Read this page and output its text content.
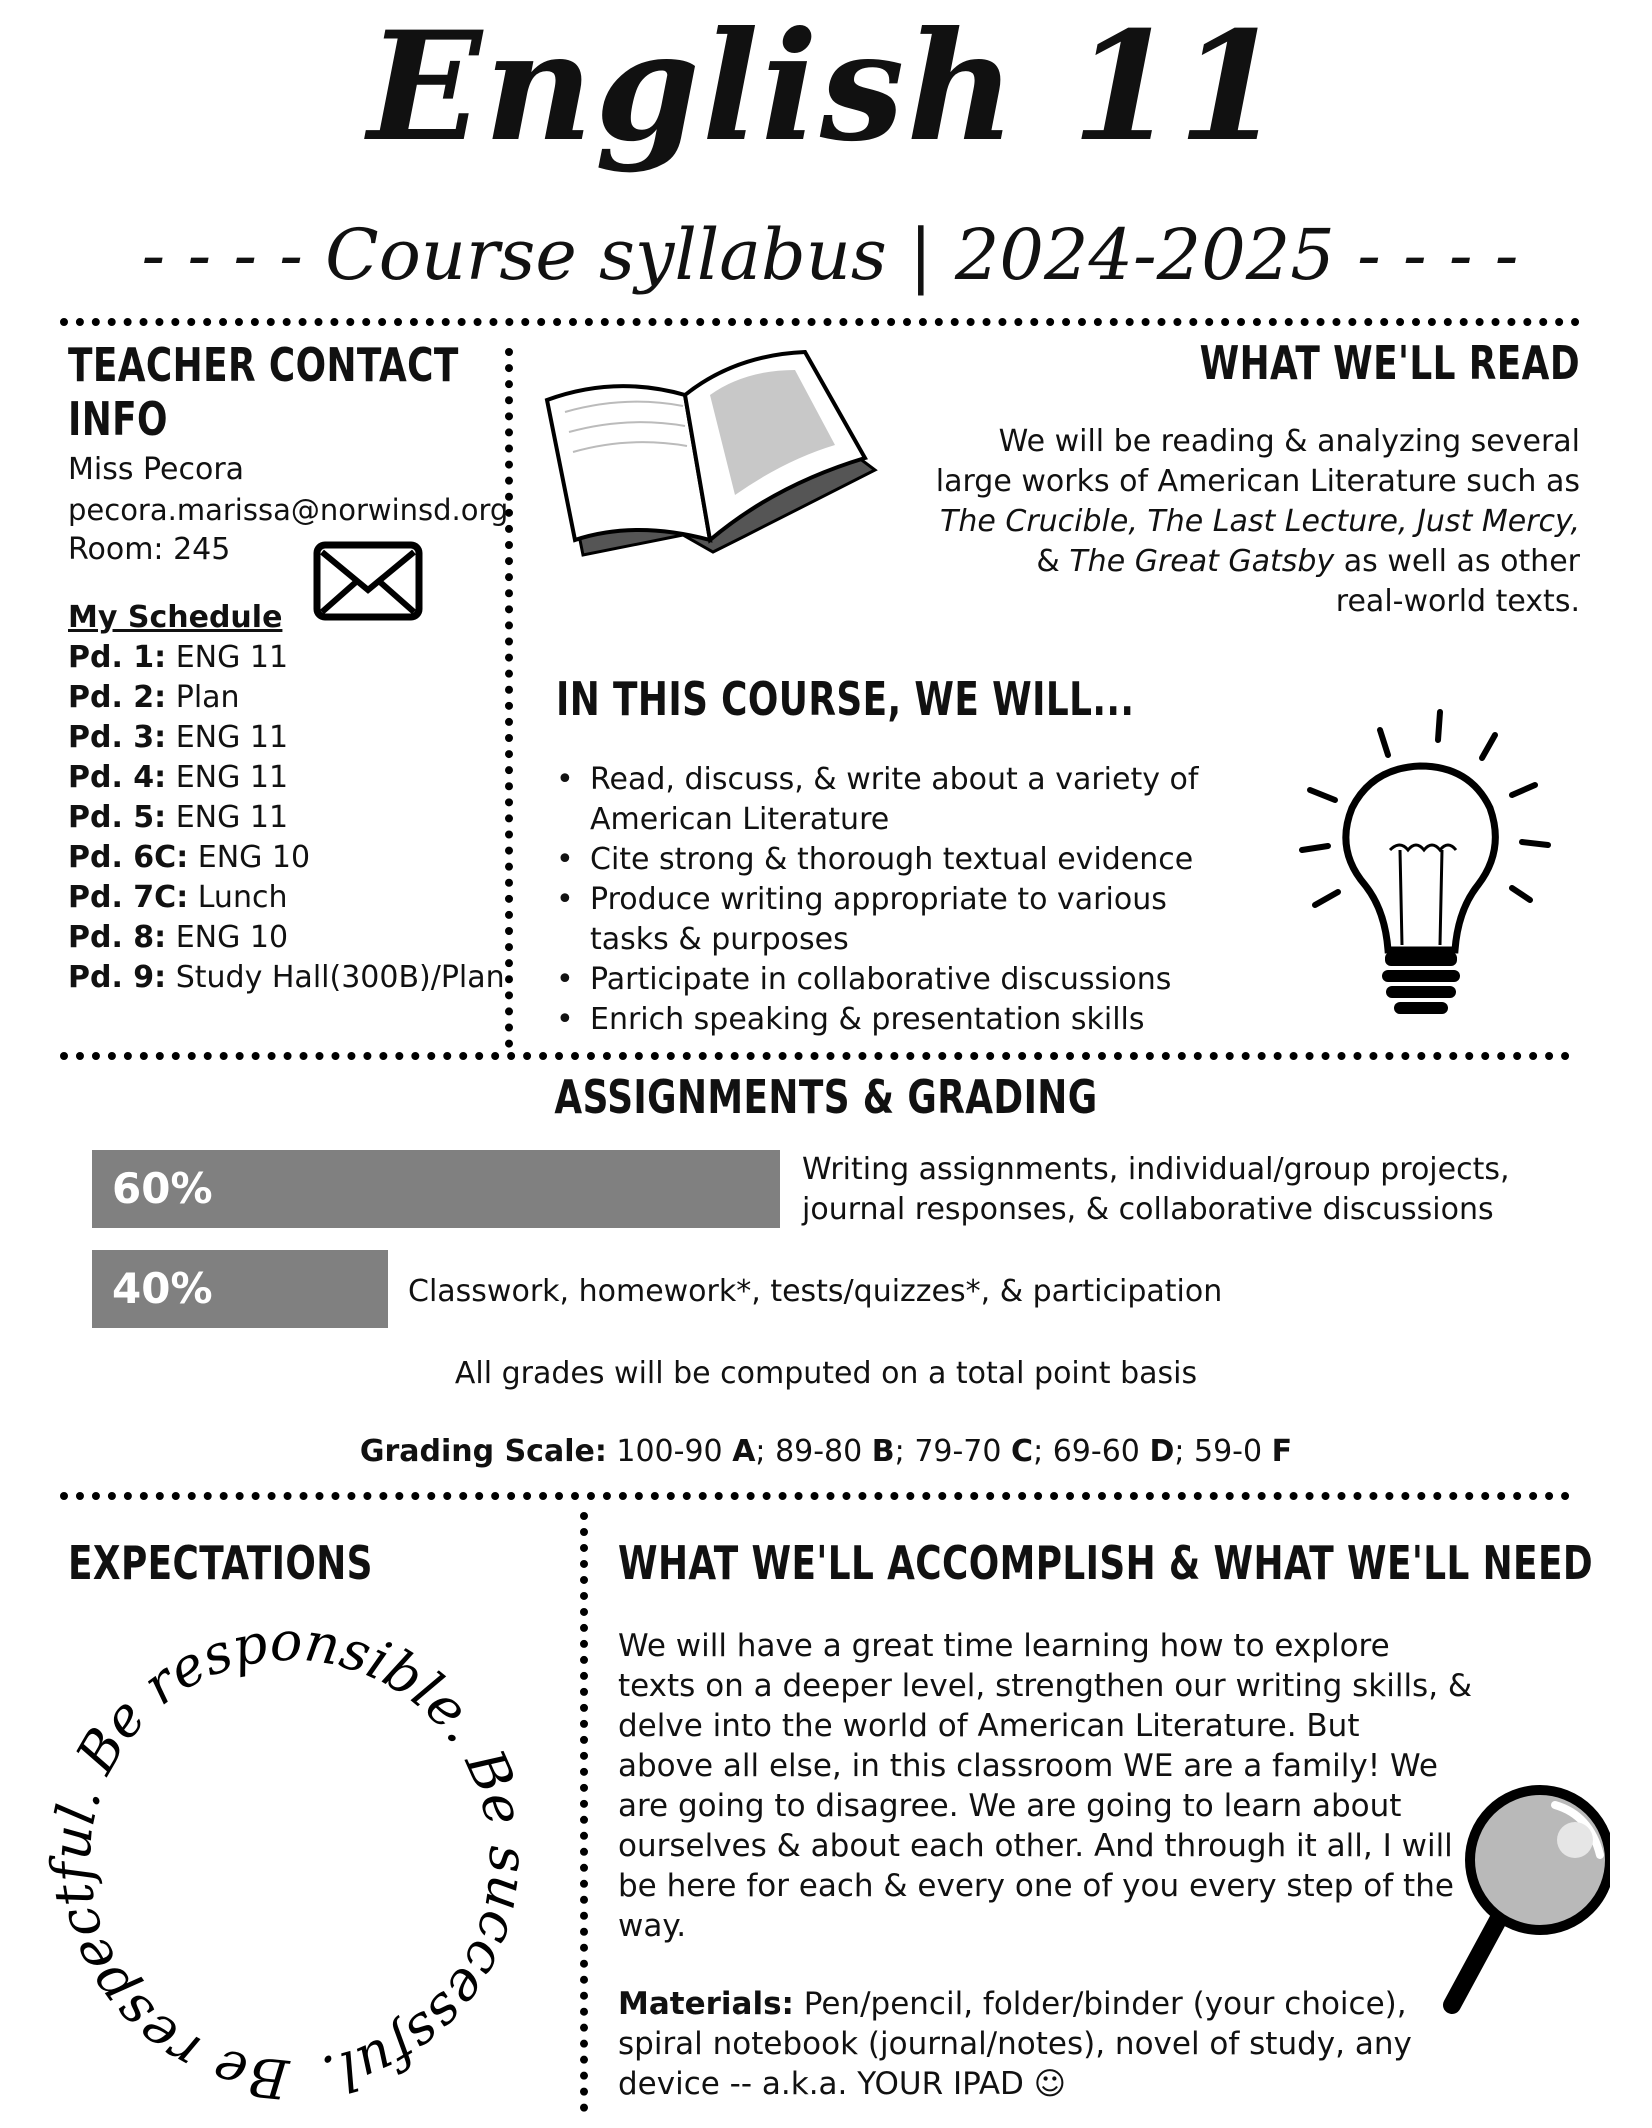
English 11
- - - - Course syllabus | 2024-2025 - - - -
TEACHER CONTACT
INFO
Miss Pecora
pecora.marissa@norwinsd.org
Room: 245
My Schedule
Pd. 1: ENG 11
Pd. 2: Plan
Pd. 3: ENG 11
Pd. 4: ENG 11
Pd. 5: ENG 11
Pd. 6C: ENG 10
Pd. 7C: Lunch
Pd. 8: ENG 10
Pd. 9: Study Hall(300B)/Plan
WHAT WE'LL READ
We will be reading & analyzing several
large works of American Literature such as
The Crucible, The Last Lecture, Just Mercy,
& The Great Gatsby as well as other
real-world texts.
IN THIS COURSE, WE WILL...
• Read, discuss, & write about a variety of American Literature
• Cite strong & thorough textual evidence
• Produce writing appropriate to various tasks & purposes
• Participate in collaborative discussions
• Enrich speaking & presentation skills
ASSIGNMENTS & GRADING
60%	Writing assignments, individual/group projects,
journal responses, & collaborative discussions
40%	Classwork, homework*, tests/quizzes*, & participation
All grades will be computed on a total point basis
Grading Scale: 100-90 A; 89-80 B; 79-70 C; 69-60 D; 59-0 F
EXPECTATIONS
Be respectful. Be responsible. Be successful.
WHAT WE'LL ACCOMPLISH & WHAT WE'LL NEED
We will have a great time learning how to explore
texts on a deeper level, strengthen our writing skills, &
delve into the world of American Literature. But
above all else, in this classroom WE are a family! We
are going to disagree. We are going to learn about
ourselves & about each other. And through it all, I will
be here for each & every one of you every step of the
way.
Materials: Pen/pencil, folder/binder (your choice),
spiral notebook (journal/notes), novel of study, any
device -- a.k.a. YOUR IPAD ☺
